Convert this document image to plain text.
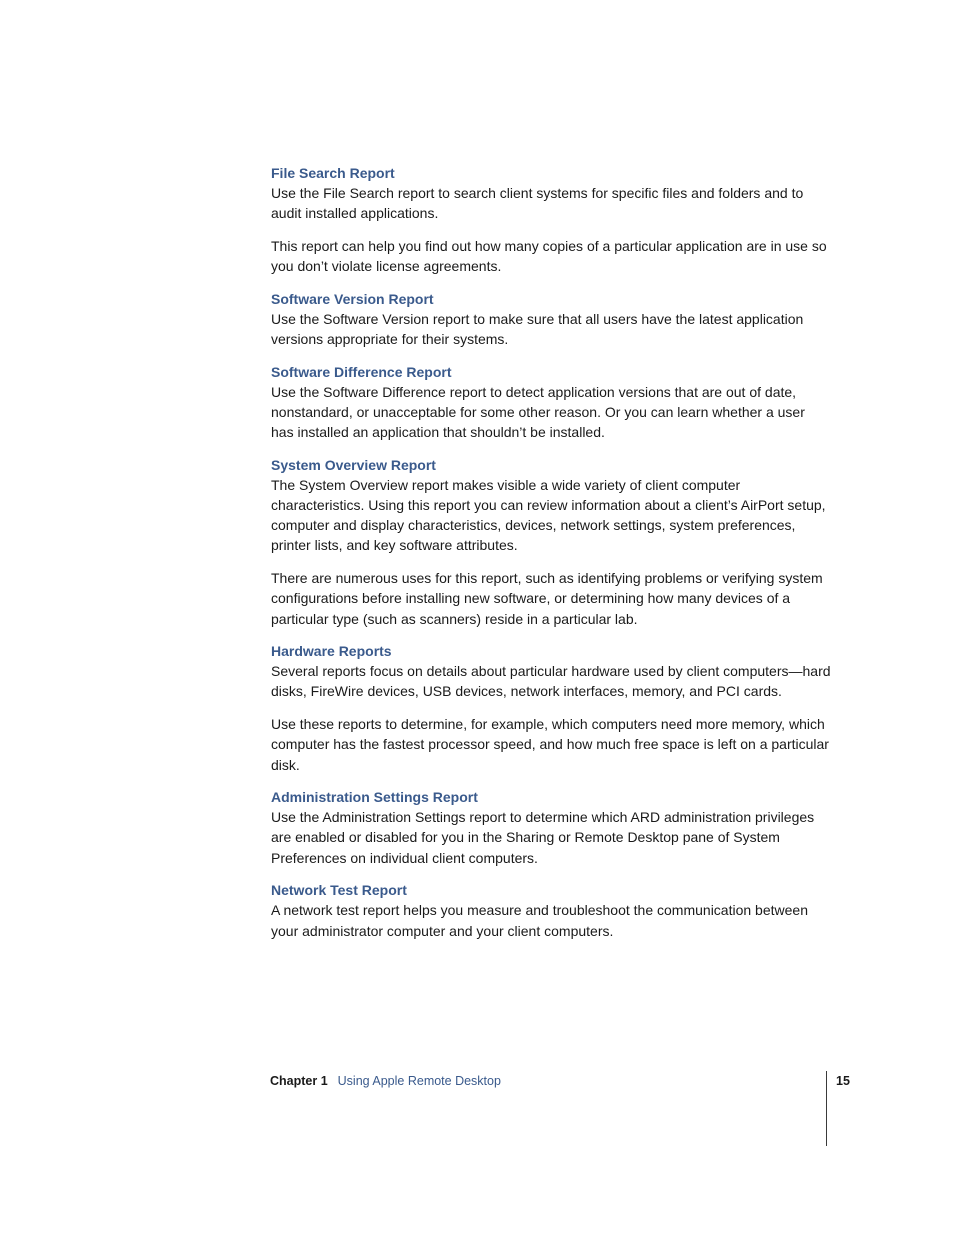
File Search Report

Use the File Search report to search client systems for specific files and folders and to audit installed applications.

This report can help you find out how many copies of a particular application are in use so you don’t violate license agreements.

Software Version Report

Use the Software Version report to make sure that all users have the latest application versions appropriate for their systems.

Software Difference Report

Use the Software Difference report to detect application versions that are out of date, nonstandard, or unacceptable for some other reason. Or you can learn whether a user has installed an application that shouldn’t be installed.

System Overview Report

The System Overview report makes visible a wide variety of client computer characteristics. Using this report you can review information about a client’s AirPort setup, computer and display characteristics, devices, network settings, system preferences, printer lists, and key software attributes.

There are numerous uses for this report, such as identifying problems or verifying system configurations before installing new software, or determining how many devices of a particular type (such as scanners) reside in a particular lab.

Hardware Reports

Several reports focus on details about particular hardware used by client computers—hard disks, FireWire devices, USB devices, network interfaces, memory, and PCI cards.

Use these reports to determine, for example, which computers need more memory, which computer has the fastest processor speed, and how much free space is left on a particular disk.

Administration Settings Report

Use the Administration Settings report to determine which ARD administration privileges are enabled or disabled for you in the Sharing or Remote Desktop pane of System Preferences on individual client computers.

Network Test Report

A network test report helps you measure and troubleshoot the communication between your administrator computer and your client computers.

Chapter 1 Using Apple Remote Desktop	15
